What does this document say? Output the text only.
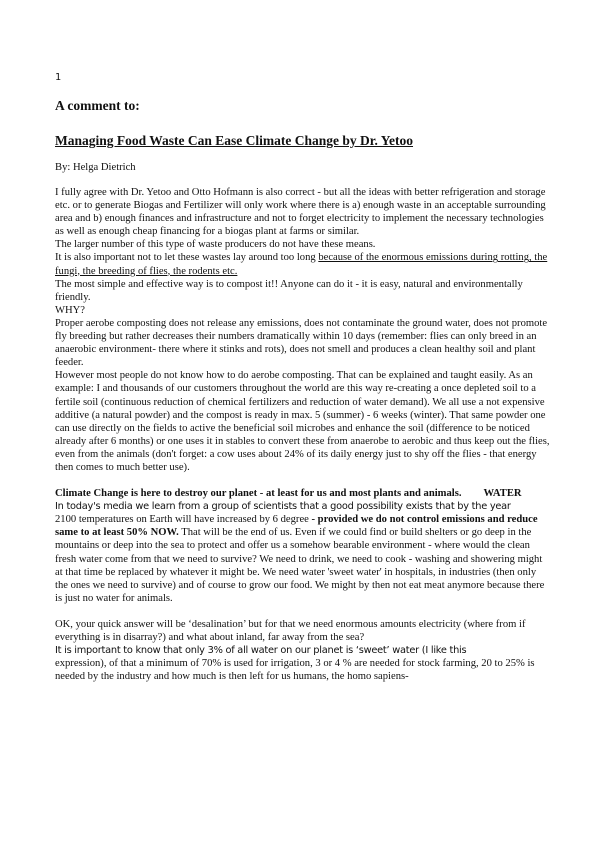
1
A comment to:
Managing Food Waste Can Ease Climate Change by Dr. Yetoo
By: Helga Dietrich

I fully agree with Dr. Yetoo and Otto Hofmann is also correct - but all the ideas with better refrigeration and storage etc. or to generate Biogas and Fertilizer will only work where there is a) enough waste in an acceptable surrounding area and b) enough finances and infrastructure and not to forget electricity to implement the necessary technologies as well as enough cheap financing for a biogas plant at farms or similar.

The larger number of this type of waste producers do not have these means.

It is also important not to let these wastes lay around too long because of the enormous emissions during rotting, the fungi, the breeding of flies, the rodents etc.

The most simple and effective way is to compost it!! Anyone can do it - it is easy, natural and environmentally friendly.

WHY?

Proper aerobe composting does not release any emissions, does not contaminate the ground water, does not promote fly breeding but rather decreases their numbers dramatically within 10 days (remember: flies can only breed in an anaerobic environment- there where it stinks and rots), does not smell and produces a clean healthy soil and plant feeder.

However most people do not know how to do aerobe composting. That can be explained and taught easily. As an example: I and thousands of our customers throughout the world are this way re-creating a once depleted soil to a fertile soil (continuous reduction of chemical fertilizers and reduction of water demand). We all use a not expensive additive (a natural powder) and the compost is ready in max. 5 (summer) - 6 weeks (winter). That same powder one can use directly on the fields to active the beneficial soil microbes and enhance the soil (difference to be noticed already after 6 months) or one uses it in stables to convert these from anaerobe to aerobic and thus keep out the flies, even from the animals (don't forget: a cow uses about 24% of its daily energy just to shy off the flies - that energy then comes to much better use).

Climate Change is here to destroy our planet - at least for us and most plants and animals. WATER

In today's media we learn from a group of scientists that a good possibility exists that by the year
2100 temperatures on Earth will have increased by 6 degree - provided we do not control emissions and reduce same to at least 50% NOW. That will be the end of us. Even if we could find or build shelters or go deep in the mountains or deep into the sea to protect and offer us a somehow bearable environment - where would the clean fresh water come from that we need to survive? We need to drink, we need to cook - washing and showering might at that time be replaced by whatever it might be. We need water 'sweet water' in hospitals, in industries (then only the ones we need to survive) and of course to grow our food. We might by then not eat meat anymore because there is just no water for animals.

OK, your quick answer will be ‘desalination’ but for that we need enormous amounts electricity (where from if everything is in disarray?) and what about inland, far away from the sea?

It is important to know that only 3% of all water on our planet is ‘sweet’ water (I like this
expression), of that a minimum of 70% is used for irrigation, 3 or 4 % are needed for stock farming, 20 to 25% is needed by the industry and how much is then left for us humans, the homo sapiens-
